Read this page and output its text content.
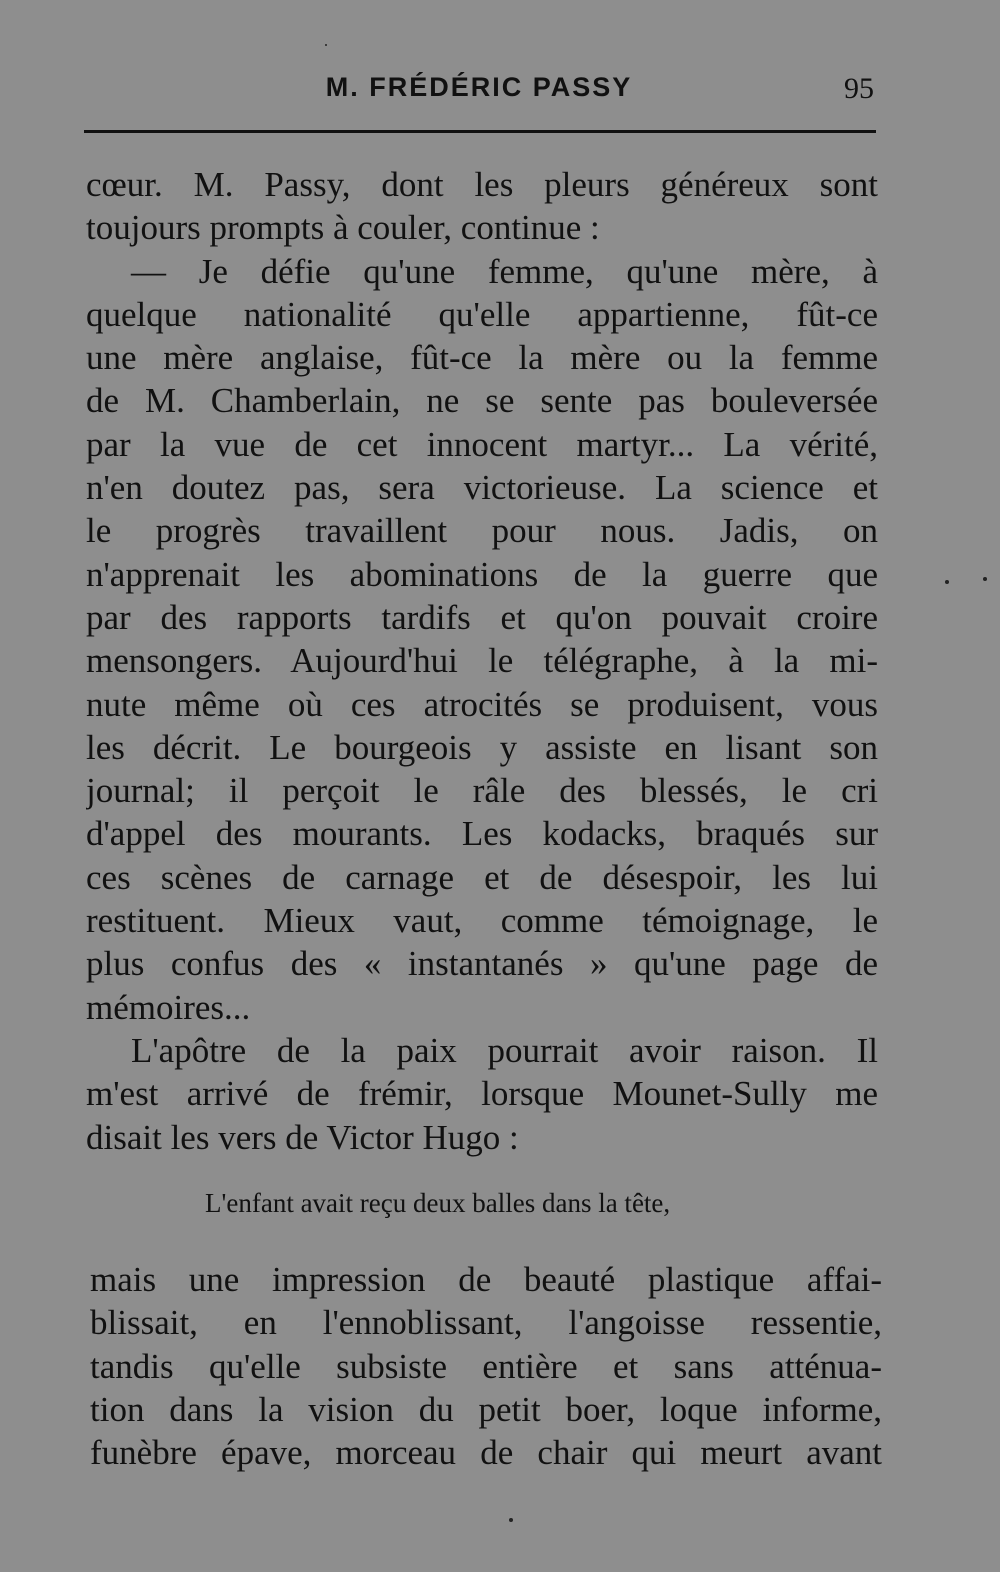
M. FRÉDÉRIC PASSY	95
cœur. M. Passy, dont les pleurs généreux sont
toujours prompts à couler, continue :
— Je défie qu'une femme, qu'une mère, à
quelque nationalité qu'elle appartienne, fût-ce
une mère anglaise, fût-ce la mère ou la femme
de M. Chamberlain, ne se sente pas bouleversée
par la vue de cet innocent martyr... La vérité,
n'en doutez pas, sera victorieuse. La science et
le progrès travaillent pour nous. Jadis, on
n'apprenait les abominations de la guerre que
par des rapports tardifs et qu'on pouvait croire
mensongers. Aujourd'hui le télégraphe, à la mi-
nute même où ces atrocités se produisent, vous
les décrit. Le bourgeois y assiste en lisant son
journal; il perçoit le râle des blessés, le cri
d'appel des mourants. Les kodacks, braqués sur
ces scènes de carnage et de désespoir, les lui
restituent. Mieux vaut, comme témoignage, le
plus confus des « instantanés » qu'une page de
mémoires...
L'apôtre de la paix pourrait avoir raison. Il
m'est arrivé de frémir, lorsque Mounet-Sully me
disait les vers de Victor Hugo :
L'enfant avait reçu deux balles dans la tête,
mais une impression de beauté plastique affai-
blissait, en l'ennoblissant, l'angoisse ressentie,
tandis qu'elle subsiste entière et sans atténua-
tion dans la vision du petit boer, loque informe,
funèbre épave, morceau de chair qui meurt avant
